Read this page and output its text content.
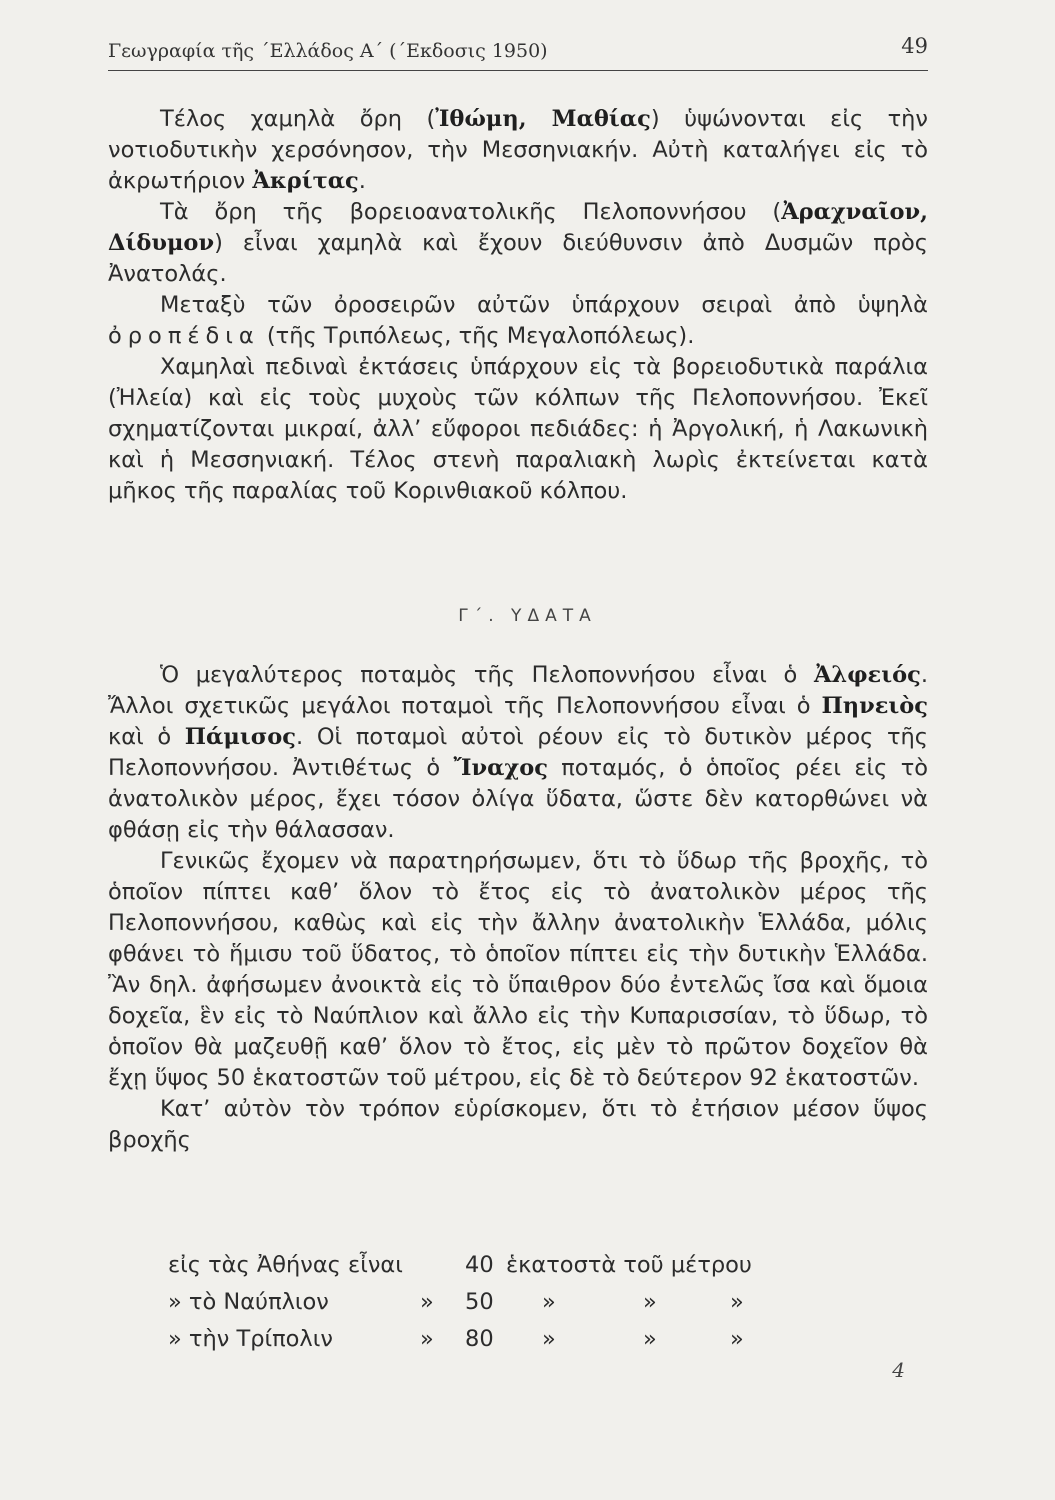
Γεωγραφία τῆς ΄Ελλάδος Α΄ (΄Εκδοσις 1950)	49

Τέλος χαμηλὰ ὄρη (Ἰθώμη, Μαθίας) ὑψώνονται εἰς τὴν νοτιοδυτικὴν χερσόνησον, τὴν Μεσσηνιακήν. Αὐτὴ καταλήγει εἰς τὸ ἀκρωτήριον Ἀκρίτας.

Τὰ ὄρη τῆς βορειοανατολικῆς Πελοποννήσου (Ἀραχναῖον, Δίδυμον) εἶναι χαμηλὰ καὶ ἔχουν διεύθυνσιν ἀπὸ Δυσμῶν πρὸς Ἀνατολάς.

Μεταξὺ τῶν ὀροσειρῶν αὐτῶν ὑπάρχουν σειραὶ ἀπὸ ὑψηλὰ ὀροπέδια (τῆς Τριπόλεως, τῆς Μεγαλοπόλεως).

Χαμηλαὶ πεδιναὶ ἐκτάσεις ὑπάρχουν εἰς τὰ βορειοδυτικὰ παράλια (Ἠλεία) καὶ εἰς τοὺς μυχοὺς τῶν κόλπων τῆς Πελοποννήσου. Ἐκεῖ σχηματίζονται μικραί, ἀλλ’ εὔφοροι πεδιάδες: ἡ Ἀργολική, ἡ Λακωνικὴ καὶ ἡ Μεσσηνιακή. Τέλος στενὴ παραλιακὴ λωρὶς ἐκτείνεται κατὰ μῆκος τῆς παραλίας τοῦ Κορινθιακοῦ κόλπου.

Γ΄. ΥΔΑΤΑ

Ὁ μεγαλύτερος ποταμὸς τῆς Πελοποννήσου εἶναι ὁ Ἀλφειός. Ἄλλοι σχετικῶς μεγάλοι ποταμοὶ τῆς Πελοποννήσου εἶναι ὁ Πηνειὸς καὶ ὁ Πάμισος. Οἱ ποταμοὶ αὐτοὶ ρέουν εἰς τὸ δυτικὸν μέρος τῆς Πελοποννήσου. Ἀντιθέτως ὁ Ἴναχος ποταμός, ὁ ὁποῖος ρέει εἰς τὸ ἀνατολικὸν μέρος, ἔχει τόσον ὀλίγα ὕδατα, ὥστε δὲν κατορθώνει νὰ φθάσῃ εἰς τὴν θάλασσαν.

Γενικῶς ἔχομεν νὰ παρατηρήσωμεν, ὅτι τὸ ὕδωρ τῆς βροχῆς, τὸ ὁποῖον πίπτει καθ’ ὅλον τὸ ἔτος εἰς τὸ ἀνατολικὸν μέρος τῆς Πελοποννήσου, καθὼς καὶ εἰς τὴν ἄλλην ἀνατολικὴν Ἑλλάδα, μόλις φθάνει τὸ ἥμισυ τοῦ ὕδατος, τὸ ὁποῖον πίπτει εἰς τὴν δυτικὴν Ἑλλάδα. Ἂν δηλ. ἀφήσωμεν ἀνοικτὰ εἰς τὸ ὕπαιθρον δύο ἐντελῶς ἴσα καὶ ὅμοια δοχεῖα, ἓν εἰς τὸ Ναύπλιον καὶ ἄλλο εἰς τὴν Κυπαρισσίαν, τὸ ὕδωρ, τὸ ὁποῖον θὰ μαζευθῇ καθ’ ὅλον τὸ ἔτος, εἰς μὲν τὸ πρῶτον δοχεῖον θὰ ἔχῃ ὕψος 50 ἑκατοστῶν τοῦ μέτρου, εἰς δὲ τὸ δεύτερον 92 ἑκατοστῶν.

Κατ’ αὐτὸν τὸν τρόπον εὑρίσκομεν, ὅτι τὸ ἐτήσιον μέσον ὕψος βροχῆς

εἰς τὰς Ἀθήνας εἶναι	40 ἑκατοστὰ τοῦ μέτρου
» τὸ Ναύπλιον	» 50 »	»	»
» τὴν Τρίπολιν	» 80 »	»	»
4
